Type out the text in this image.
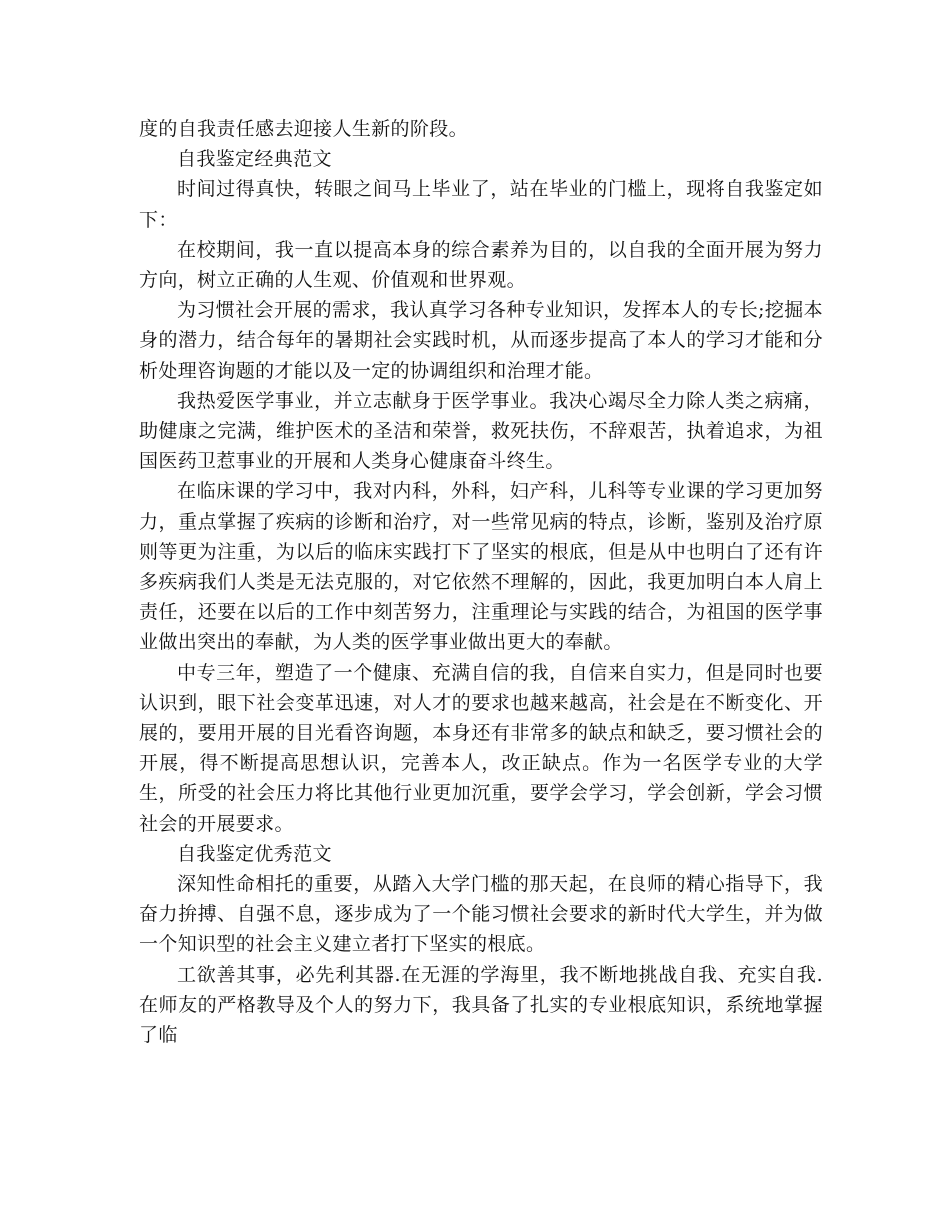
度的自我责任感去迎接人生新的阶段。

自我鉴定经典范文

时间过得真快，转眼之间马上毕业了，站在毕业的门槛上，现将自我鉴定如下：

在校期间，我一直以提高本身的综合素养为目的，以自我的全面开展为努力方向，树立正确的人生观、价值观和世界观。

为习惯社会开展的需求，我认真学习各种专业知识，发挥本人的专长;挖掘本身的潜力，结合每年的暑期社会实践时机，从而逐步提高了本人的学习才能和分析处理咨询题的才能以及一定的协调组织和治理才能。

我热爱医学事业，并立志献身于医学事业。我决心竭尽全力除人类之病痛，助健康之完满，维护医术的圣洁和荣誉，救死扶伤，不辞艰苦，执着追求，为祖国医药卫惹事业的开展和人类身心健康奋斗终生。

在临床课的学习中，我对内科，外科，妇产科，儿科等专业课的学习更加努力，重点掌握了疾病的诊断和治疗，对一些常见病的特点，诊断，鉴别及治疗原则等更为注重，为以后的临床实践打下了坚实的根底，但是从中也明白了还有许多疾病我们人类是无法克服的，对它依然不理解的，因此，我更加明白本人肩上责任，还要在以后的工作中刻苦努力，注重理论与实践的结合，为祖国的医学事业做出突出的奉献，为人类的医学事业做出更大的奉献。

中专三年，塑造了一个健康、充满自信的我，自信来自实力，但是同时也要认识到，眼下社会变革迅速，对人才的要求也越来越高，社会是在不断变化、开展的，要用开展的目光看咨询题，本身还有非常多的缺点和缺乏，要习惯社会的开展，得不断提高思想认识，完善本人，改正缺点。作为一名医学专业的大学生，所受的社会压力将比其他行业更加沉重，要学会学习，学会创新，学会习惯社会的开展要求。

自我鉴定优秀范文

深知性命相托的重要，从踏入大学门槛的那天起，在良师的精心指导下，我奋力拚搏、自强不息，逐步成为了一个能习惯社会要求的新时代大学生，并为做一个知识型的社会主义建立者打下坚实的根底。

工欲善其事，必先利其器.在无涯的学海里，我不断地挑战自我、充实自我.在师友的严格教导及个人的努力下，我具备了扎实的专业根底知识，系统地掌握了临
